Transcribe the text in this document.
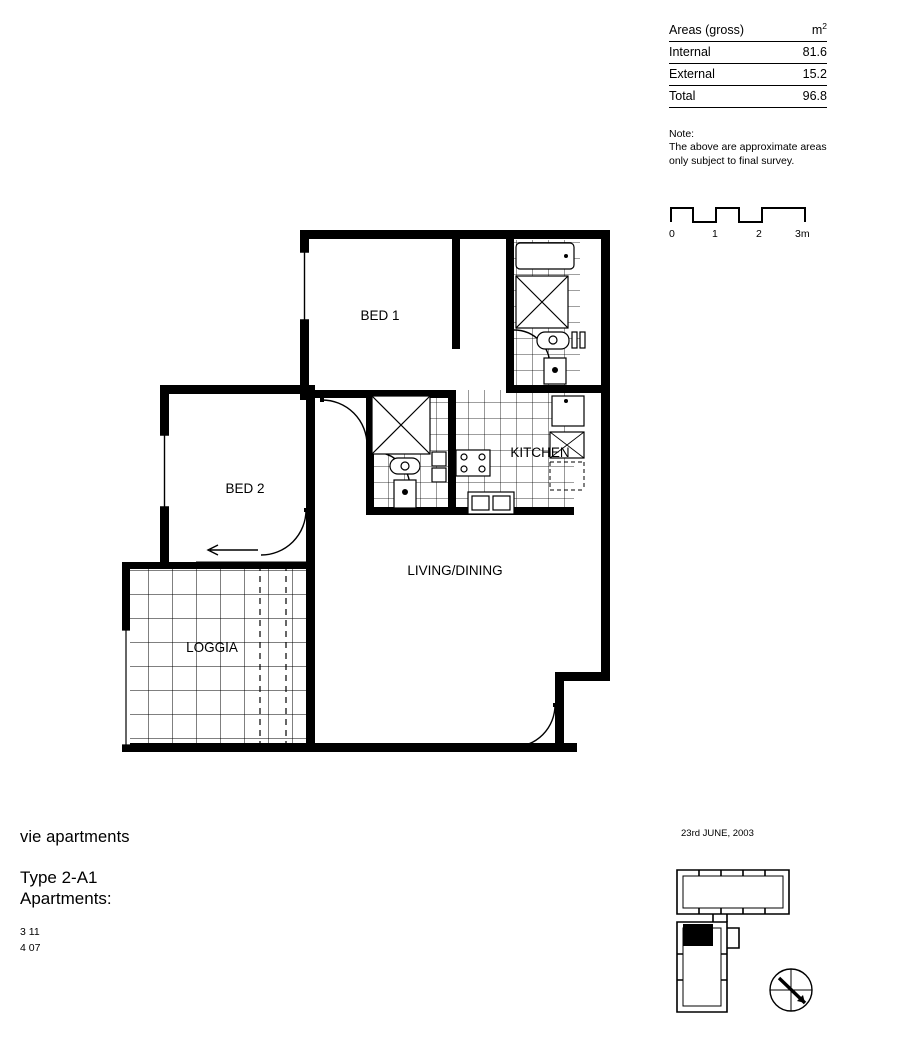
Areas (gross)	$m^2$
Internal	81.6
External	15.2
Total	96.8
Note:
The above are approximate areas only subject to final survey.
0	1	2	3m
BED 1
BED 2
KITCHEN
LIVING/DINING
LOGGIA
vie apartments
Type 2-A1
Apartments:
3 11
4 07
23rd JUNE, 2003
